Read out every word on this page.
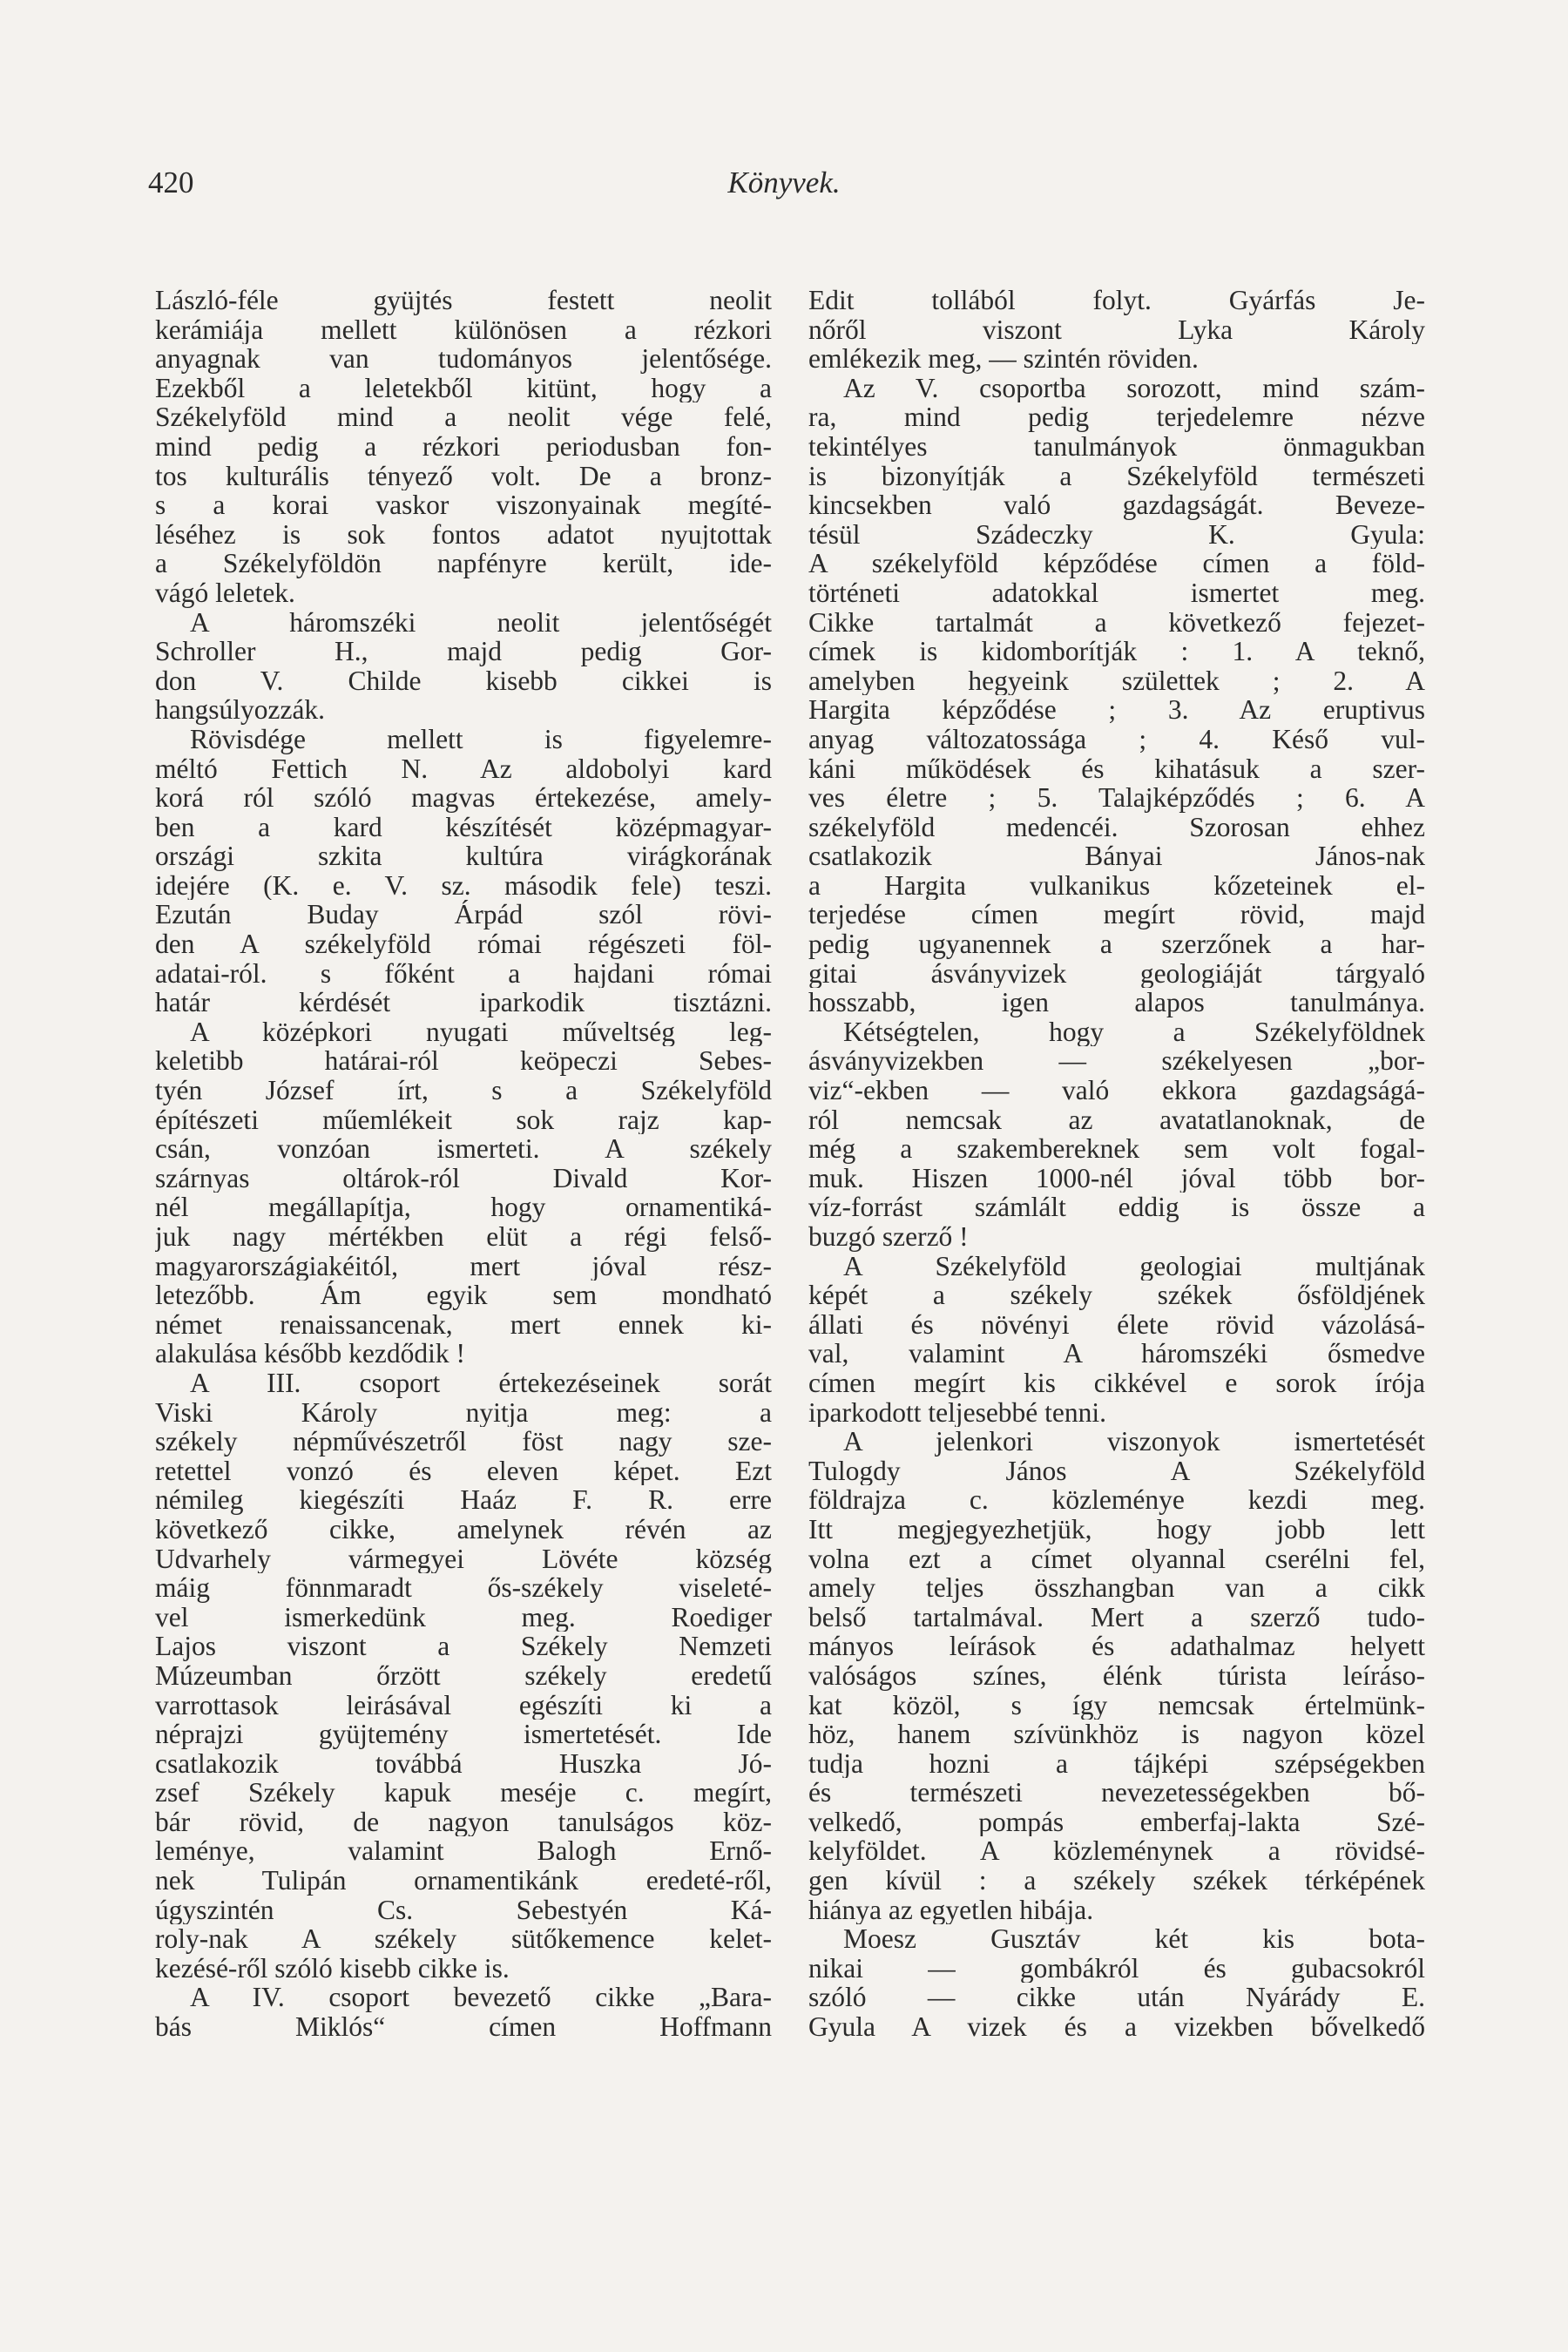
420	Könyvek.
László-féle gyüjtés festett neolit
kerámiája mellett különösen a rézkori
anyagnak van tudományos jelentősége.
Ezekből a leletekből kitünt, hogy a
Székelyföld mind a neolit vége felé,
mind pedig a rézkori periodusban fon-
tos kulturális tényező volt. De a bronz-
s a korai vaskor viszonyainak megíté-
léséhez is sok fontos adatot nyujtottak
a Székelyföldön napfényre került, ide-
vágó leletek.
A háromszéki neolit jelentőségét
Schroller H., majd pedig Gor-
don V. Childe kisebb cikkei is
hangsúlyozzák.
Rövisdége mellett is figyelemre-
méltó Fettich N. Az aldobolyi kard
korá ról szóló magvas értekezése, amely-
ben a kard készítését középmagyar-
országi szkita kultúra virágkorának
idejére (K. e. V. sz. második fele) teszi.
Ezután Buday Árpád szól rövi-
den A székelyföld római régészeti föl-
adatai-ról. s főként a hajdani római
határ kérdését iparkodik tisztázni.
A középkori nyugati műveltség leg-
keletibb határai-ról keöpeczi Sebes-
tyén József írt, s a Székelyföld
építészeti műemlékeit sok rajz kap-
csán, vonzóan ismerteti. A székely
szárnyas oltárok-ról Divald Kor-
nél megállapítja, hogy ornamentiká-
juk nagy mértékben elüt a régi felső-
magyarországiakéitól, mert jóval rész-
letezőbb. Ám egyik sem mondható
német renaissancenak, mert ennek ki-
alakulása később kezdődik !
A III. csoport értekezéseinek sorát
Viski Károly nyitja meg: a
székely népművészetről föst nagy sze-
retettel vonzó és eleven képet. Ezt
némileg kiegészíti Haáz F. R. erre
következő cikke, amelynek révén az
Udvarhely vármegyei Lövéte község
máig fönnmaradt ős-székely viseleté-
vel ismerkedünk meg. Roediger
Lajos viszont a Székely Nemzeti
Múzeumban őrzött székely eredetű
varrottasok leirásával egészíti ki a
néprajzi gyüjtemény ismertetését. Ide
csatlakozik továbbá Huszka Jó-
zsef Székely kapuk meséje c. megírt,
bár rövid, de nagyon tanulságos köz-
leménye, valamint Balogh Ernő-
nek Tulipán ornamentikánk eredeté-ről,
úgyszintén Cs. Sebestyén Ká-
roly-nak A székely sütőkemence kelet-
kezésé-ről szóló kisebb cikke is.
A IV. csoport bevezető cikke „Bara-
bás Miklós“ címen Hoffmann
Edit tollából folyt. Gyárfás Je-
nőről viszont Lyka Károly
emlékezik meg, — szintén röviden.
Az V. csoportba sorozott, mind szám-
ra, mind pedig terjedelemre nézve
tekintélyes tanulmányok önmagukban
is bizonyítják a Székelyföld természeti
kincsekben való gazdagságát. Beveze-
tésül Szádeczky K. Gyula:
A székelyföld képződése címen a föld-
történeti adatokkal ismertet meg.
Cikke tartalmát a következő fejezet-
címek is kidomborítják : 1. A teknő,
amelyben hegyeink születtek ; 2. A
Hargita képződése ; 3. Az eruptivus
anyag változatossága ; 4. Késő vul-
káni működések és kihatásuk a szer-
ves életre ; 5. Talajképződés ; 6. A
székelyföld medencéi. Szorosan ehhez
csatlakozik Bányai János-nak
a Hargita vulkanikus kőzeteinek el-
terjedése címen megírt rövid, majd
pedig ugyanennek a szerzőnek a har-
gitai ásványvizek geologiáját tárgyaló
hosszabb, igen alapos tanulmánya.
Kétségtelen, hogy a Székelyföldnek
ásványvizekben — székelyesen „bor-
viz“-ekben — való ekkora gazdagságá-
ról nemcsak az avatatlanoknak, de
még a szakembereknek sem volt fogal-
muk. Hiszen 1000-nél jóval több bor-
víz-forrást számlált eddig is össze a
buzgó szerző !
A Székelyföld geologiai multjának
képét a székely székek ősföldjének
állati és növényi élete rövid vázolásá-
val, valamint A háromszéki ősmedve
címen megírt kis cikkével e sorok írója
iparkodott teljesebbé tenni.
A jelenkori viszonyok ismertetését
Tulogdy János A Székelyföld
földrajza c. közleménye kezdi meg.
Itt megjegyezhetjük, hogy jobb lett
volna ezt a címet olyannal cserélni fel,
amely teljes összhangban van a cikk
belső tartalmával. Mert a szerző tudo-
mányos leírások és adathalmaz helyett
valóságos színes, élénk túrista leíráso-
kat közöl, s így nemcsak értelmünk-
höz, hanem szívünkhöz is nagyon közel
tudja hozni a tájképi szépségekben
és természeti nevezetességekben bő-
velkedő, pompás emberfaj-lakta Szé-
kelyföldet. A közleménynek a rövidsé-
gen kívül : a székely székek térképének
hiánya az egyetlen hibája.
Moesz Gusztáv két kis bota-
nikai — gombákról és gubacsokról
szóló — cikke után Nyárády E.
Gyula A vizek és a vizekben bővelkedő
